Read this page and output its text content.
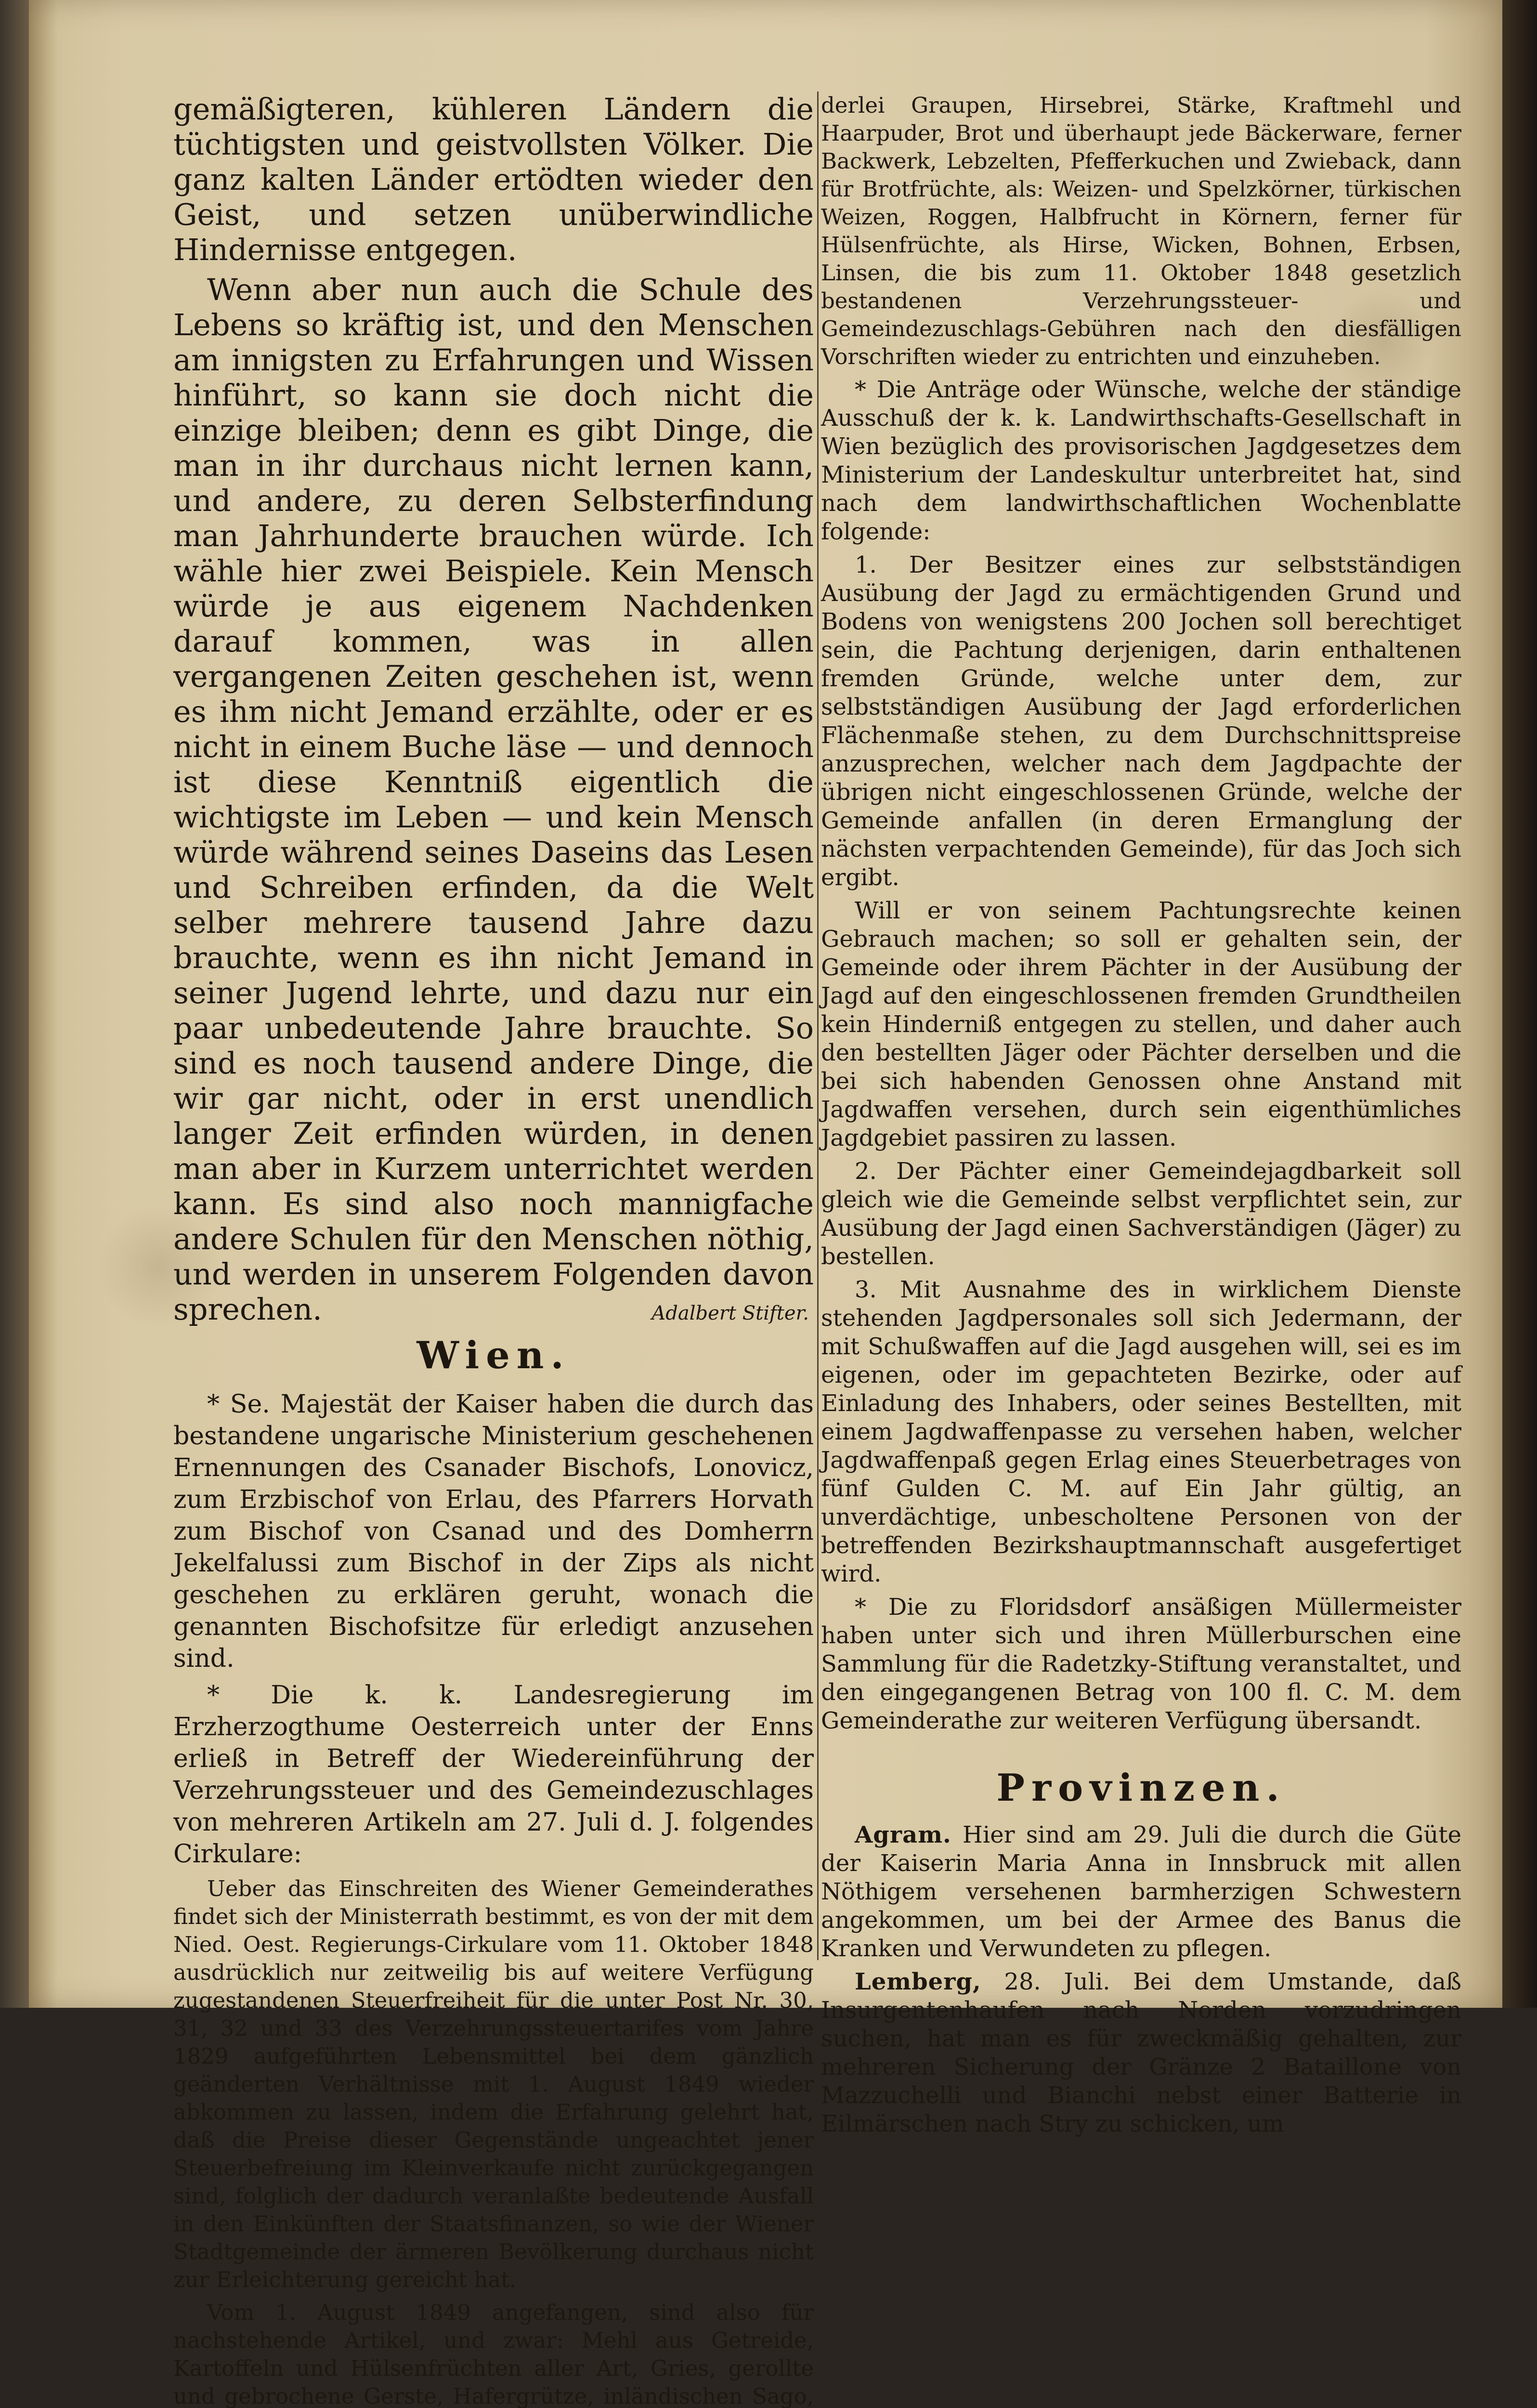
gemäßigteren, kühleren Ländern die tüchtigsten und geistvollsten Völker. Die ganz kalten Länder ertödten wieder den Geist, und setzen unüberwindliche Hindernisse entgegen.

Wenn aber nun auch die Schule des Lebens so kräftig ist, und den Menschen am innigsten zu Erfahrungen und Wissen hinführt, so kann sie doch nicht die einzige bleiben; denn es gibt Dinge, die man in ihr durchaus nicht lernen kann, und andere, zu deren Selbsterfindung man Jahrhunderte brauchen würde. Ich wähle hier zwei Beispiele. Kein Mensch würde je aus eigenem Nachdenken darauf kommen, was in allen vergangenen Zeiten geschehen ist, wenn es ihm nicht Jemand erzählte, oder er es nicht in einem Buche läse — und dennoch ist diese Kenntniß eigentlich die wichtigste im Leben — und kein Mensch würde während seines Daseins das Lesen und Schreiben erfinden, da die Welt selber mehrere tausend Jahre dazu brauchte, wenn es ihn nicht Jemand in seiner Jugend lehrte, und dazu nur ein paar unbedeutende Jahre brauchte. So sind es noch tausend andere Dinge, die wir gar nicht, oder in erst unendlich langer Zeit erfinden würden, in denen man aber in Kurzem unterrichtet werden kann. Es sind also noch mannigfache andere Schulen für den Menschen nöthig, und werden in unserem Folgenden davon sprechen.	Adalbert Stifter.
Wien.

* Se. Majestät der Kaiser haben die durch das bestandene ungarische Ministerium geschehenen Ernennungen des Csanader Bischofs, Lonovicz, zum Erzbischof von Erlau, des Pfarrers Horvath zum Bischof von Csanad und des Domherrn Jekelfalussi zum Bischof in der Zips als nicht geschehen zu erklären geruht, wonach die genannten Bischofsitze für erledigt anzusehen sind.

* Die k. k. Landesregierung im Erzherzogthume Oesterreich unter der Enns erließ in Betreff der Wiedereinführung der Verzehrungssteuer und des Gemeindezuschlages von mehreren Artikeln am 27. Juli d. J. folgendes Cirkulare:

Ueber das Einschreiten des Wiener Gemeinderathes findet sich der Ministerrath bestimmt, es von der mit dem Nied. Oest. Regierungs-Cirkulare vom 11. Oktober 1848 ausdrücklich nur zeitweilig bis auf weitere Verfügung zugestandenen Steuerfreiheit für die unter Post Nr. 30, 31, 32 und 33 des Verzehrungssteuertarifes vom Jahre 1829 aufgeführten Lebensmittel bei dem gänzlich geänderten Verhältnisse mit 1. August 1849 wieder abkommen zu lassen, indem die Erfahrung gelehrt hat, daß die Preise dieser Gegenstände ungeachtet jener Steuerbefreiung im Kleinverkaufe nicht zurückgegangen sind, folglich der dadurch veranlaßte bedeutende Ausfall in den Einkünften der Staatsfinanzen, so wie der Wiener Stadtgemeinde der ärmeren Bevölkerung durchaus nicht zur Erleichterung gereicht hat.

Vom 1. August 1849 angefangen, sind also für nachstehende Artikel, und zwar: Mehl aus Getreide, Kartoffeln und Hülsenfrüchten aller Art, Gries, gerollte und gebrochene Gerste, Hafergrütze, inländischen Sago,

derlei Graupen, Hirsebrei, Stärke, Kraftmehl und Haarpuder, Brot und überhaupt jede Bäckerware, ferner Backwerk, Lebzelten, Pfefferkuchen und Zwieback, dann für Brotfrüchte, als: Weizen- und Spelzkörner, türkischen Weizen, Roggen, Halbfrucht in Körnern, ferner für Hülsenfrüchte, als Hirse, Wicken, Bohnen, Erbsen, Linsen, die bis zum 11. Oktober 1848 gesetzlich bestandenen Verzehrungssteuer- und Gemeindezuschlags-Gebühren nach den diesfälligen Vorschriften wieder zu entrichten und einzuheben.

* Die Anträge oder Wünsche, welche der ständige Ausschuß der k. k. Landwirthschafts-Gesellschaft in Wien bezüglich des provisorischen Jagdgesetzes dem Ministerium der Landeskultur unterbreitet hat, sind nach dem landwirthschaftlichen Wochenblatte folgende:

1. Der Besitzer eines zur selbstständigen Ausübung der Jagd zu ermächtigenden Grund und Bodens von wenigstens 200 Jochen soll berechtiget sein, die Pachtung derjenigen, darin enthaltenen fremden Gründe, welche unter dem, zur selbstständigen Ausübung der Jagd erforderlichen Flächenmaße stehen, zu dem Durchschnittspreise anzusprechen, welcher nach dem Jagdpachte der übrigen nicht eingeschlossenen Gründe, welche der Gemeinde anfallen (in deren Ermanglung der nächsten verpachtenden Gemeinde), für das Joch sich ergibt.

Will er von seinem Pachtungsrechte keinen Gebrauch machen; so soll er gehalten sein, der Gemeinde oder ihrem Pächter in der Ausübung der Jagd auf den eingeschlossenen fremden Grundtheilen kein Hinderniß entgegen zu stellen, und daher auch den bestellten Jäger oder Pächter derselben und die bei sich habenden Genossen ohne Anstand mit Jagdwaffen versehen, durch sein eigenthümliches Jagdgebiet passiren zu lassen.

2. Der Pächter einer Gemeindejagdbarkeit soll gleich wie die Gemeinde selbst verpflichtet sein, zur Ausübung der Jagd einen Sachverständigen (Jäger) zu bestellen.

3. Mit Ausnahme des in wirklichem Dienste stehenden Jagdpersonales soll sich Jedermann, der mit Schußwaffen auf die Jagd ausgehen will, sei es im eigenen, oder im gepachteten Bezirke, oder auf Einladung des Inhabers, oder seines Bestellten, mit einem Jagdwaffenpasse zu versehen haben, welcher Jagdwaffenpaß gegen Erlag eines Steuerbetrages von fünf Gulden C. M. auf Ein Jahr gültig, an unverdächtige, unbescholtene Personen von der betreffenden Bezirkshauptmannschaft ausgefertiget wird.

* Die zu Floridsdorf ansäßigen Müllermeister haben unter sich und ihren Müllerburschen eine Sammlung für die Radetzky-Stiftung veranstaltet, und den eingegangenen Betrag von 100 fl. C. M. dem Gemeinderathe zur weiteren Verfügung übersandt.

Provinzen.

Agram. Hier sind am 29. Juli die durch die Güte der Kaiserin Maria Anna in Innsbruck mit allen Nöthigem versehenen barmherzigen Schwestern angekommen, um bei der Armee des Banus die Kranken und Verwundeten zu pflegen.

Lemberg, 28. Juli. Bei dem Umstande, daß Insurgentenhaufen nach Norden vorzudringen suchen, hat man es für zweckmäßig gehalten, zur mehreren Sicherung der Gränze 2 Bataillone von Mazzuchelli und Bianchi nebst einer Batterie in Eilmärschen nach Stry zu schicken, um
